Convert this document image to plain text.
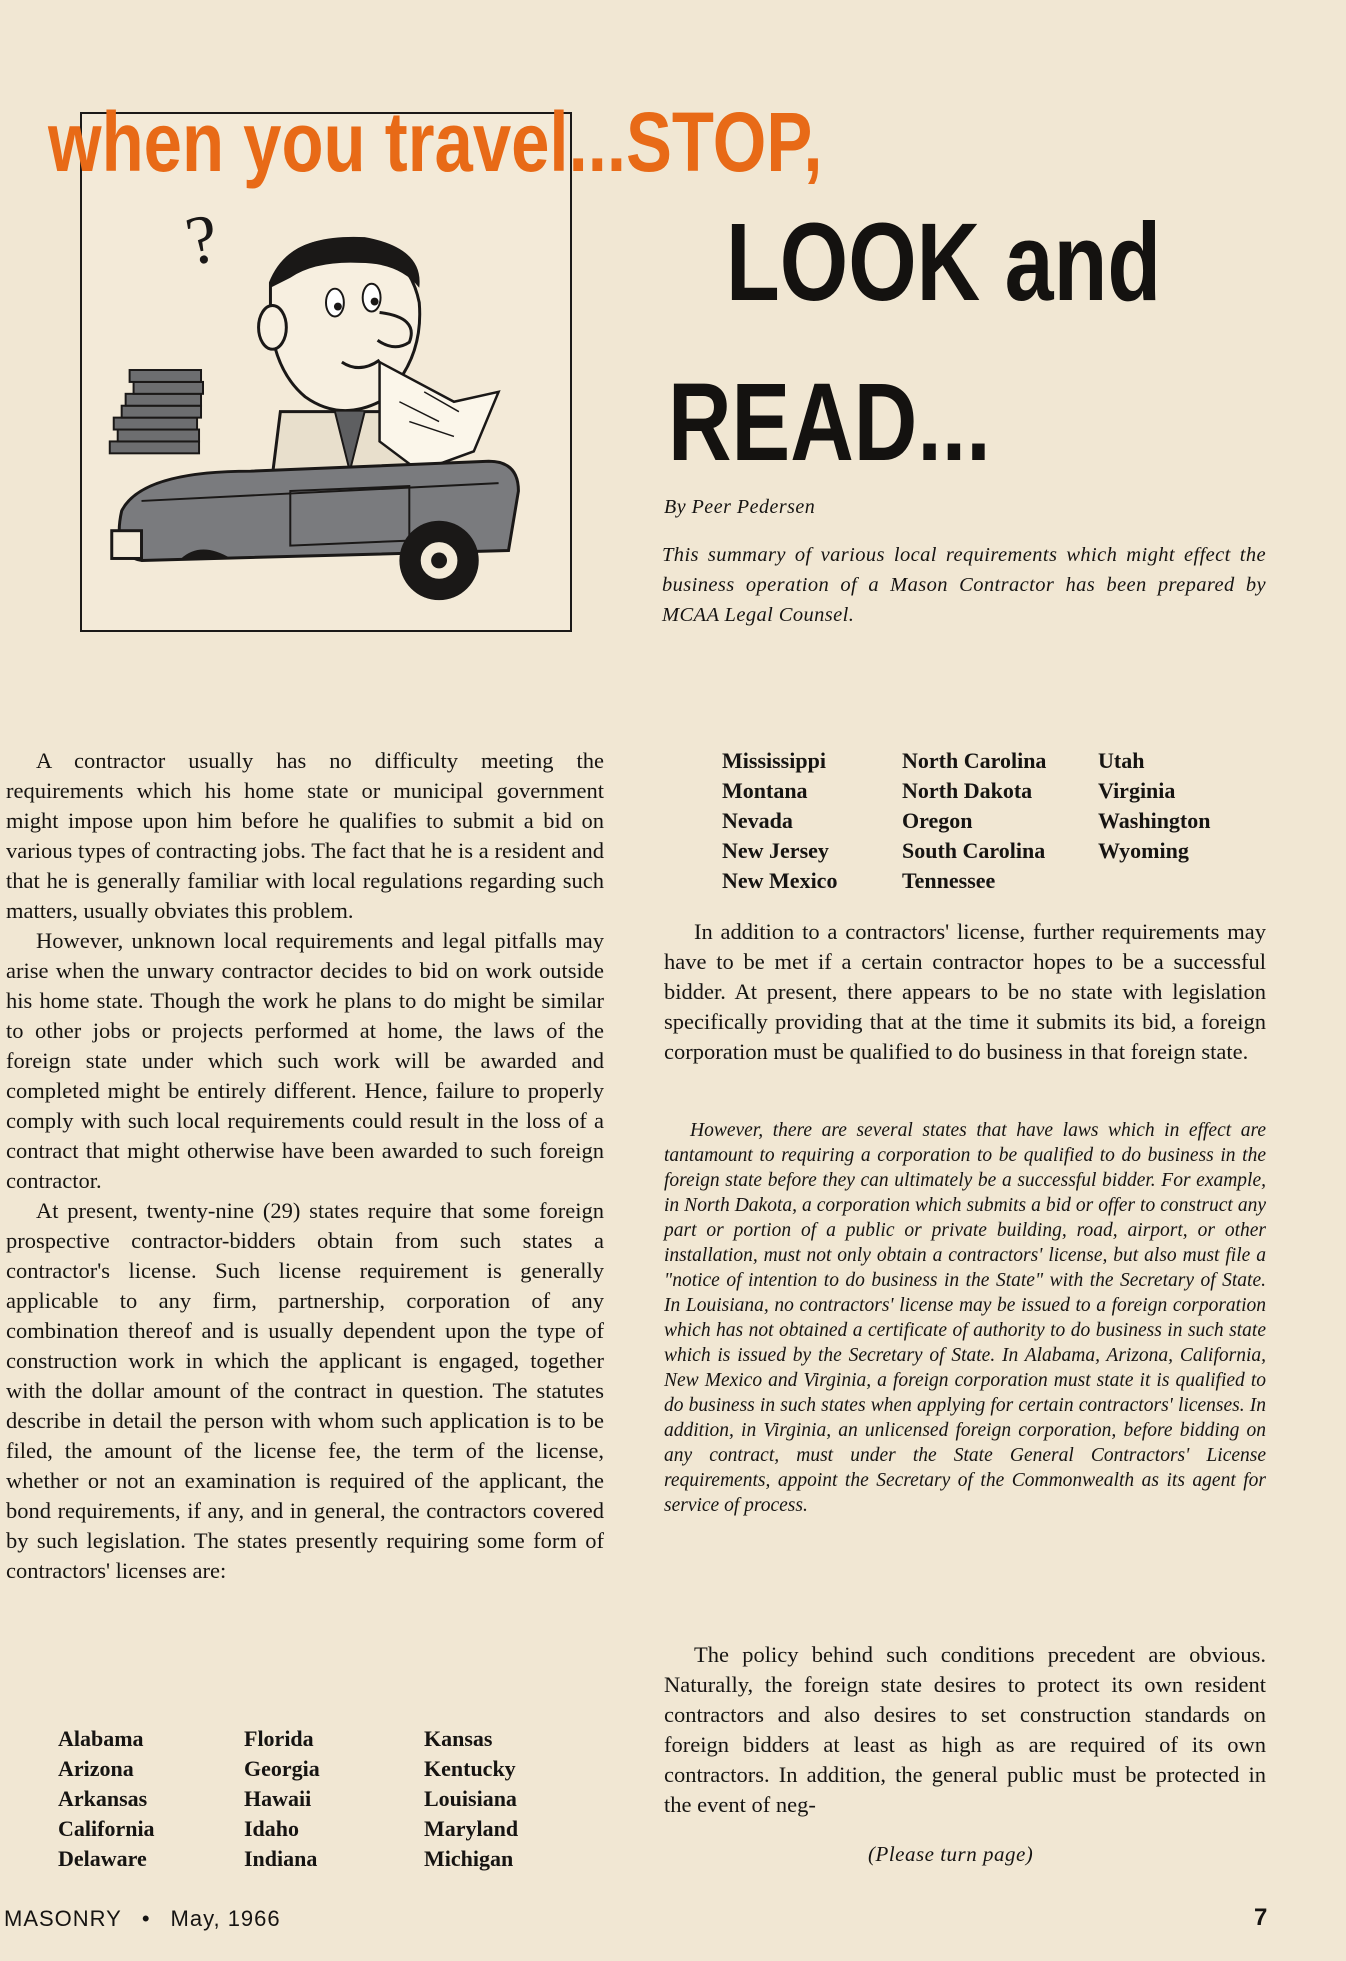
?
when you travel...STOP,
LOOK and
READ...
By Peer Pedersen
This summary of various local requirements which might effect the business operation of a Mason Contractor has been prepared by MCAA Legal Counsel.

A contractor usually has no difficulty meeting the requirements which his home state or municipal government might impose upon him before he qualifies to submit a bid on various types of contracting jobs. The fact that he is a resident and that he is generally familiar with local regulations regarding such matters, usually obviates this problem.

However, unknown local requirements and legal pitfalls may arise when the unwary contractor decides to bid on work outside his home state. Though the work he plans to do might be similar to other jobs or projects performed at home, the laws of the foreign state under which such work will be awarded and completed might be entirely different. Hence, failure to properly comply with such local requirements could result in the loss of a contract that might otherwise have been awarded to such foreign contractor.

At present, twenty-nine (29) states require that some foreign prospective contractor-bidders obtain from such states a contractor's license. Such license requirement is generally applicable to any firm, partnership, corporation of any combination thereof and is usually dependent upon the type of construction work in which the applicant is engaged, together with the dollar amount of the contract in question. The statutes describe in detail the person with whom such application is to be filed, the amount of the license fee, the term of the license, whether or not an examination is required of the applicant, the bond requirements, if any, and in general, the contractors covered by such legislation. The states presently requiring some form of contractors' licenses are:

Alabama	Florida	Kansas
Arizona	Georgia	Kentucky
Arkansas	Hawaii	Louisiana
California	Idaho	Maryland
Delaware	Indiana	Michigan
Mississippi	North Carolina	Utah
Montana	North Dakota	Virginia
Nevada	Oregon	Washington
New Jersey	South Carolina	Wyoming
New Mexico	Tennessee

In addition to a contractors' license, further requirements may have to be met if a certain contractor hopes to be a successful bidder. At present, there appears to be no state with legislation specifically providing that at the time it submits its bid, a foreign corporation must be qualified to do business in that foreign state.

However, there are several states that have laws which in effect are tantamount to requiring a corporation to be qualified to do business in the foreign state before they can ultimately be a successful bidder. For example, in North Dakota, a corporation which submits a bid or offer to construct any part or portion of a public or private building, road, airport, or other installation, must not only obtain a contractors' license, but also must file a "notice of intention to do business in the State" with the Secretary of State. In Louisiana, no contractors' license may be issued to a foreign corporation which has not obtained a certificate of authority to do business in such state which is issued by the Secretary of State. In Alabama, Arizona, California, New Mexico and Virginia, a foreign corporation must state it is qualified to do business in such states when applying for certain contractors' licenses. In addition, in Virginia, an unlicensed foreign corporation, before bidding on any contract, must under the State General Contractors' License requirements, appoint the Secretary of the Commonwealth as its agent for service of process.

The policy behind such conditions precedent are obvious. Naturally, the foreign state desires to protect its own resident contractors and also desires to set construction standards on foreign bidders at least as high as are required of its own contractors. In addition, the general public must be protected in the event of neg-

(Please turn page)
MASONRY • May, 1966	7
